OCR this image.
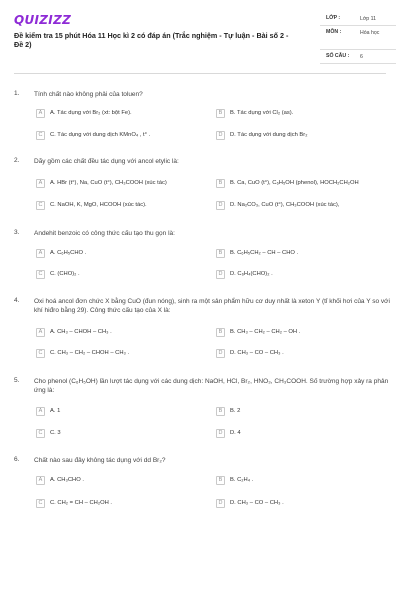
QUIZIZZ
Đề kiểm tra 15 phút Hóa 11 Học kì 2 có đáp án (Trắc nghiệm - Tự luận - Bài số 2 - Đề 2)
LỚP :	Lớp 11
MÔN :	Hóa học
SỐ CÂU : 6
1. Tính chất nào không phải của toluen?
A	A. Tác dụng với Br₂ (xt: bột Fe).	B	B. Tác dụng với Cl₂ (as).
C	C. Tác dụng với dung dịch KMnO₄ , t° .	D	D. Tác dụng với dung dịch Br₂
2. Dãy gồm các chất đều tác dụng với ancol etylic là:
A	A. HBr (t°), Na, CuO (t°), CH₃COOH (xúc tác)	B	B. Ca, CuO (t°), C₆H₅OH (phenol), HOCH₂CH₂OH
C	C. NaOH, K, MgO, HCOOH (xúc tác).	D	D. Na₂CO₃, CuO (t°), CH₃COOH (xúc tác),
3. Andehit benzoic có công thức cấu tạo thu gọn là:
A	A. C₆H₅CHO .	B	B. C₆H₅CH₂ – CH – CHO .
C	C. (CHO)₂ .	D	D. C₆H₄(CHO)₂ .
4. Oxi hoá ancol đơn chức X bằng CuO (đun nóng), sinh ra một sản phẩm hữu cơ duy nhất là xeton Y (tỉ khối hơi của Y so với khí hiđro bằng 29). Công thức cấu tạo của X là:
A	A. CH₃ – CHOH – CH₃ .	B	B. CH₃ – CH₂ – CH₂ – OH .
C	C. CH₃ – CH₂ – CHOH – CH₃ .	D	D. CH₃ – CO – CH₃ .
5. Cho phenol (C₆H₅OH) lần lượt tác dụng với các dung dịch: NaOH, HCl, Br₂, HNO₃, CH₃COOH. Số trường hợp xảy ra phản ứng là:
A	A. 1	B	B. 2
C	C. 3	D	D. 4
6. Chất nào sau đây không tác dụng với dd Br₂?
A	A. CH₃CHO .	B	B. C₂H₄ .
C	C. CH₂ = CH – CH₂OH .	D	D. CH₃ – CO – CH₃ .
